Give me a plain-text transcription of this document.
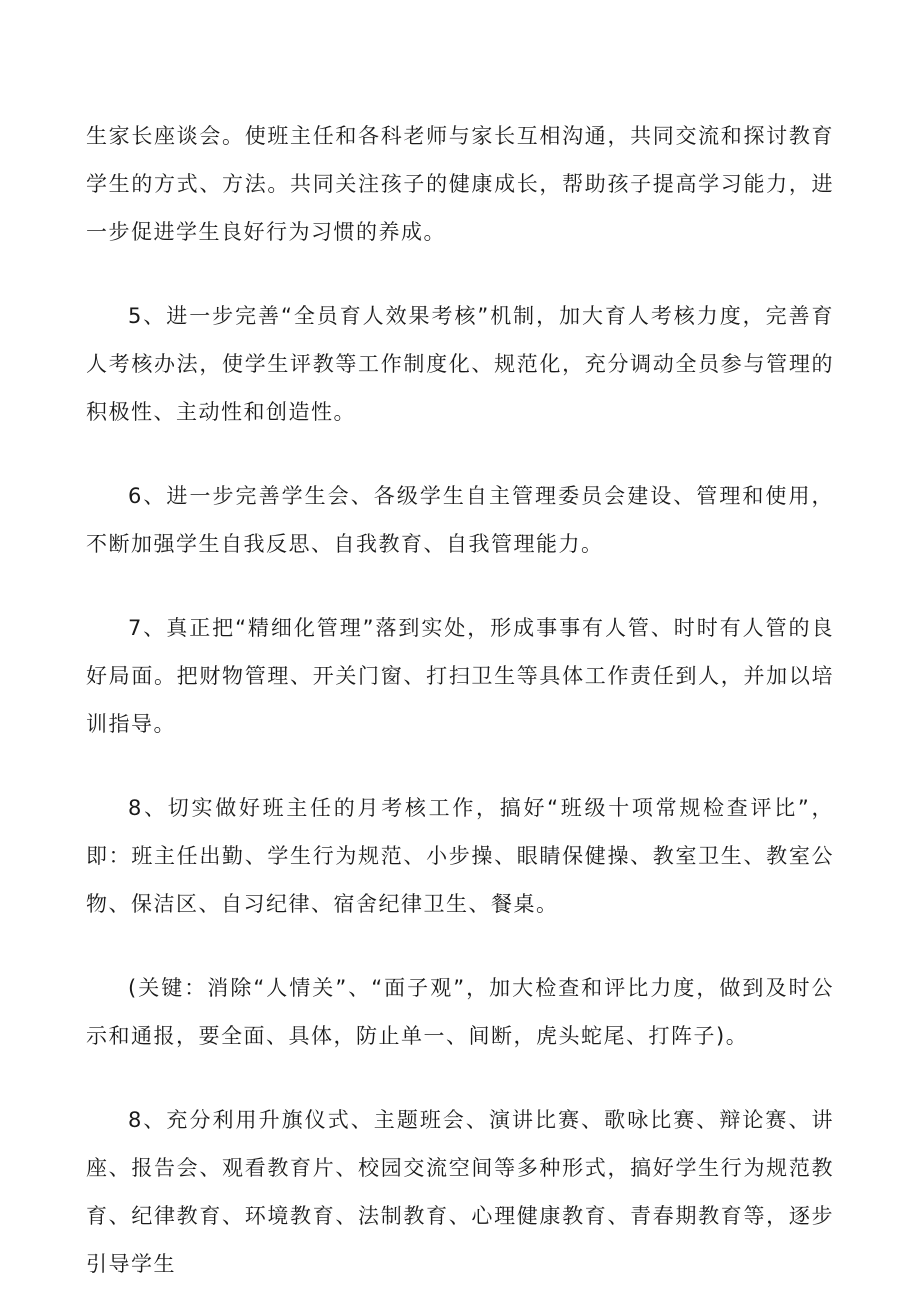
生家长座谈会。使班主任和各科老师与家长互相沟通，共同交流和探讨教育学生的方式、方法。共同关注孩子的健康成长，帮助孩子提高学习能力，进一步促进学生良好行为习惯的养成。

5、进一步完善“全员育人效果考核”机制，加大育人考核力度，完善育人考核办法，使学生评教等工作制度化、规范化，充分调动全员参与管理的积极性、主动性和创造性。

6、进一步完善学生会、各级学生自主管理委员会建设、管理和使用，不断加强学生自我反思、自我教育、自我管理能力。

7、真正把“精细化管理”落到实处，形成事事有人管、时时有人管的良好局面。把财物管理、开关门窗、打扫卫生等具体工作责任到人，并加以培训指导。

8、切实做好班主任的月考核工作，搞好“班级十项常规检查评比”，即：班主任出勤、学生行为规范、小步操、眼睛保健操、教室卫生、教室公物、保洁区、自习纪律、宿舍纪律卫生、餐桌。

(关键：消除“人情关”、“面子观”，加大检查和评比力度，做到及时公示和通报，要全面、具体，防止单一、间断，虎头蛇尾、打阵子)。

8、充分利用升旗仪式、主题班会、演讲比赛、歌咏比赛、辩论赛、讲座、报告会、观看教育片、校园交流空间等多种形式，搞好学生行为规范教育、纪律教育、环境教育、法制教育、心理健康教育、青春期教育等，逐步引导学生
